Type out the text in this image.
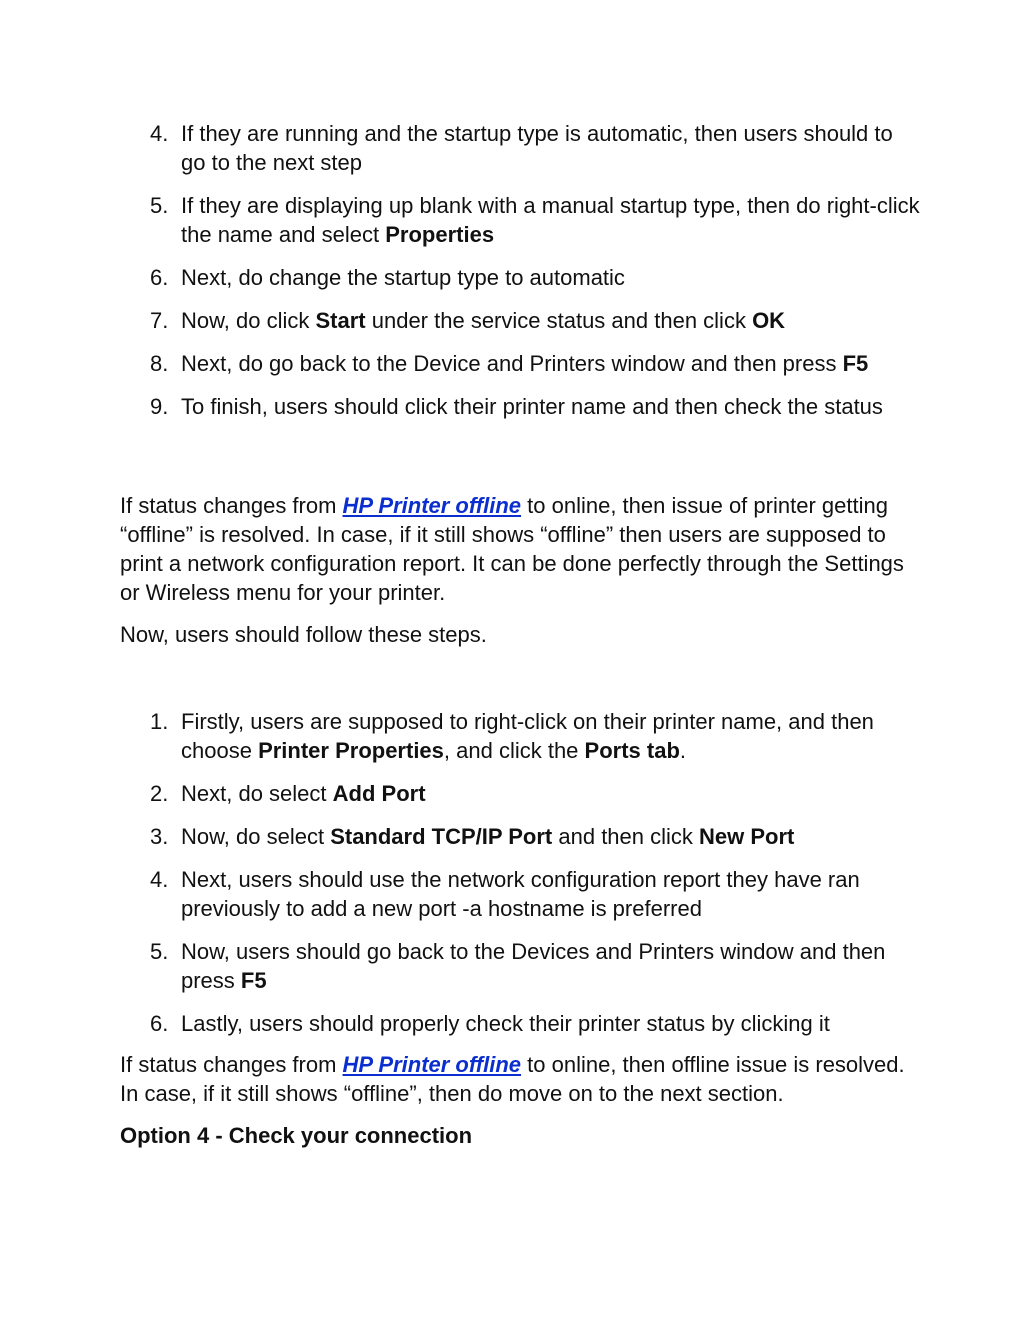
4. If they are running and the startup type is automatic, then users should to go to the next step
5. If they are displaying up blank with a manual startup type, then do right-click the name and select Properties
6. Next, do change the startup type to automatic
7. Now, do click Start under the service status and then click OK
8. Next, do go back to the Device and Printers window and then press F5
9. To finish, users should click their printer name and then check the status

If status changes from HP Printer offline to online, then issue of printer getting “offline” is resolved. In case, if it still shows “offline” then users are supposed to print a network configuration report. It can be done perfectly through the Settings or Wireless menu for your printer.

Now, users should follow these steps.

1. Firstly, users are supposed to right-click on their printer name, and then choose Printer Properties, and click the Ports tab.
2. Next, do select Add Port
3. Now, do select Standard TCP/IP Port and then click New Port
4. Next, users should use the network configuration report they have ran previously to add a new port -a hostname is preferred
5. Now, users should go back to the Devices and Printers window and then press F5
6. Lastly, users should properly check their printer status by clicking it

If status changes from HP Printer offline to online, then offline issue is resolved. In case, if it still shows “offline”, then do move on to the next section.

Option 4 - Check your connection
